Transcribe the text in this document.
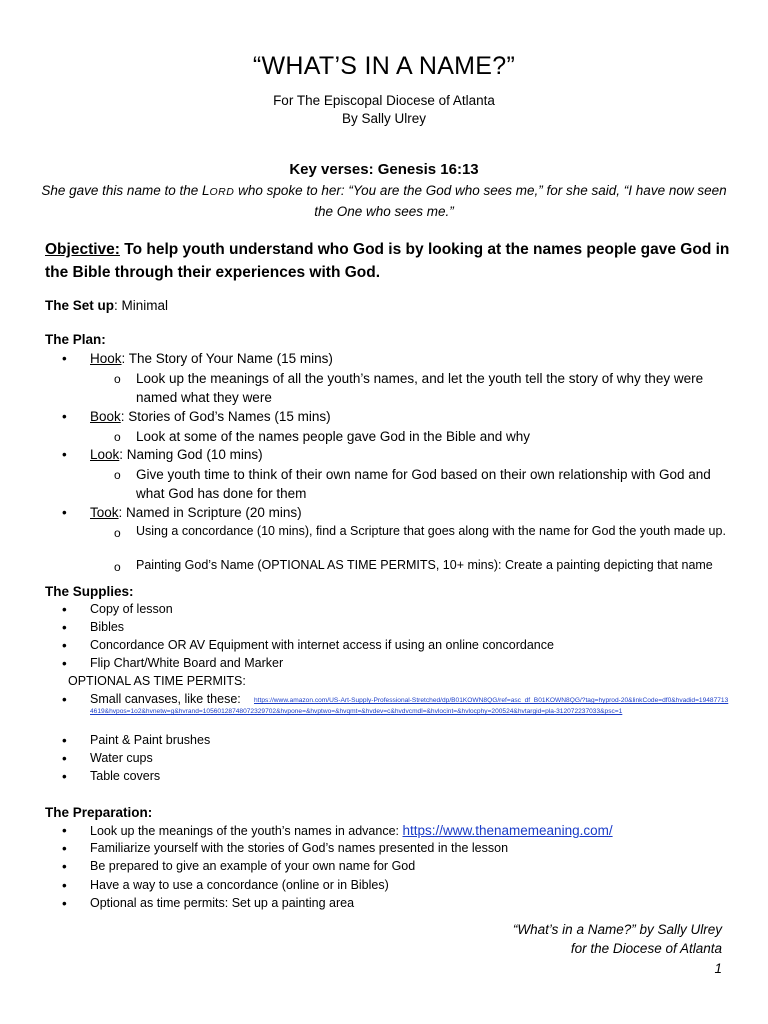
“WHAT’S IN A NAME?”
For The Episcopal Diocese of Atlanta
By Sally Ulrey
Key verses: Genesis 16:13
She gave this name to the LORD who spoke to her: “You are the God who sees me,” for she said, “I have now seen the One who sees me.”
Objective: To help youth understand who God is by looking at the names people gave God in the Bible through their experiences with God.
The Set up: Minimal
The Plan:
•	Hook: The Story of Your Name (15 mins)
o Look up the meanings of all the youth’s names, and let the youth tell the story of why they were named what they were
•	Book: Stories of God’s Names (15 mins)
o Look at some of the names people gave God in the Bible and why
•	Look: Naming God (10 mins)
o Give youth time to think of their own name for God based on their own relationship with God and what God has done for them
•	Took: Named in Scripture (20 mins)
o Using a concordance (10 mins), find a Scripture that goes along with the name for God the youth made up.
o Painting God’s Name (OPTIONAL AS TIME PERMITS, 10+ mins): Create a painting depicting that name
The Supplies:
•	Copy of lesson
•	Bibles
•	Concordance OR AV Equipment with internet access if using an online concordance
•	Flip Chart/White Board and Marker
OPTIONAL AS TIME PERMITS:
•	Small canvases, like these:	https://www.amazon.com/US-Art-Supply-Professional-Stretched/dp/B01KOWN8QG/ref=asc_df_B01KOWN8QG/?tag=hyprod-20&linkCode=df0&hvadid=194877134619&hvpos=1o2&hvnetw=g&hvrand=10560128748072329702&hvpone=&hvptwo=&hvqmt=&hvdev=c&hvdvcmdl=&hvlocint=&hvlocphy=200524&hvtargid=pla-312072237033&psc=1
•	Paint & Paint brushes
•	Water cups
•	Table covers
The Preparation:
•	Look up the meanings of the youth’s names in advance: https://www.thenamemeaning.com/
•	Familiarize yourself with the stories of God’s names presented in the lesson
•	Be prepared to give an example of your own name for God
•	Have a way to use a concordance (online or in Bibles)
•	Optional as time permits: Set up a painting area
“What’s in a Name?” by Sally Ulrey
for the Diocese of Atlanta
1
